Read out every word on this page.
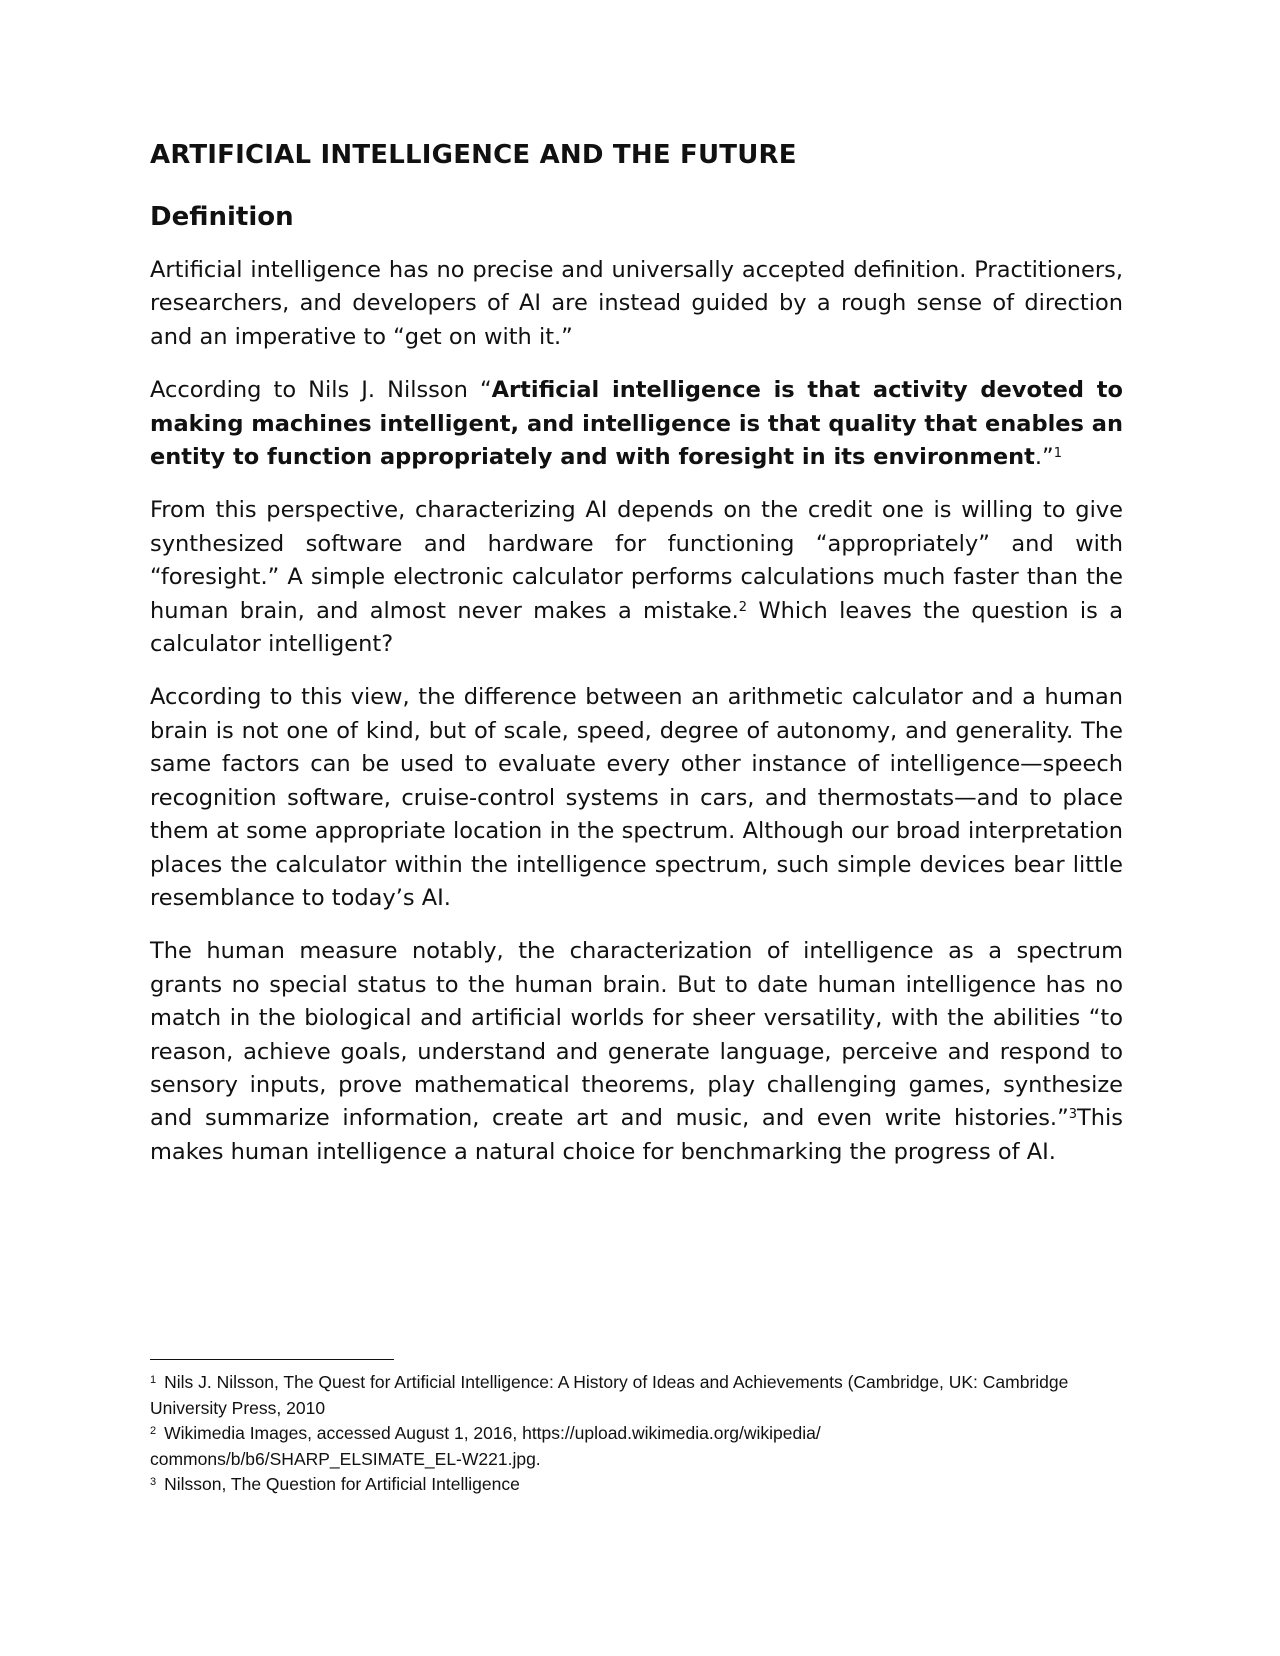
ARTIFICIAL INTELLIGENCE AND THE FUTURE
Definition

Artificial intelligence has no precise and universally accepted definition. Practitioners, researchers, and developers of AI are instead guided by a rough sense of direction and an imperative to “get on with it.”

According to Nils J. Nilsson “Artificial intelligence is that activity devoted to making machines intelligent, and intelligence is that quality that enables an entity to function appropriately and with foresight in its environment.”$^1$

From this perspective, characterizing AI depends on the credit one is willing to give synthesized software and hardware for functioning “appropriately” and with “foresight.” A simple electronic calculator performs calculations much faster than the human brain, and almost never makes a mistake.$^2$ Which leaves the question is a calculator intelligent?

According to this view, the difference between an arithmetic calculator and a human brain is not one of kind, but of scale, speed, degree of autonomy, and generality. The same factors can be used to evaluate every other instance of intelligence—speech recognition software, cruise-control systems in cars, and thermostats—and to place them at some appropriate location in the spectrum. Although our broad interpretation places the calculator within the intelligence spectrum, such simple devices bear little resemblance to today’s AI.

The human measure notably, the characterization of intelligence as a spectrum grants no special status to the human brain. But to date human intelligence has no match in the biological and artificial worlds for sheer versatility, with the abilities “to reason, achieve goals, understand and generate language, perceive and respond to sensory inputs, prove mathematical theorems, play challenging games, synthesize and summarize information, create art and music, and even write histories.”$^3$This makes human intelligence a natural choice for benchmarking the progress of AI.

$^1$ Nils J. Nilsson, The Quest for Artificial Intelligence: A History of Ideas and Achievements (Cambridge, UK: Cambridge University Press, 2010

$^2$ Wikimedia Images, accessed August 1, 2016, https://upload.wikimedia.org/wikipedia/ commons/b/b6/SHARP_ELSIMATE_EL-W221.jpg.

$^3$ Nilsson, The Question for Artificial Intelligence
